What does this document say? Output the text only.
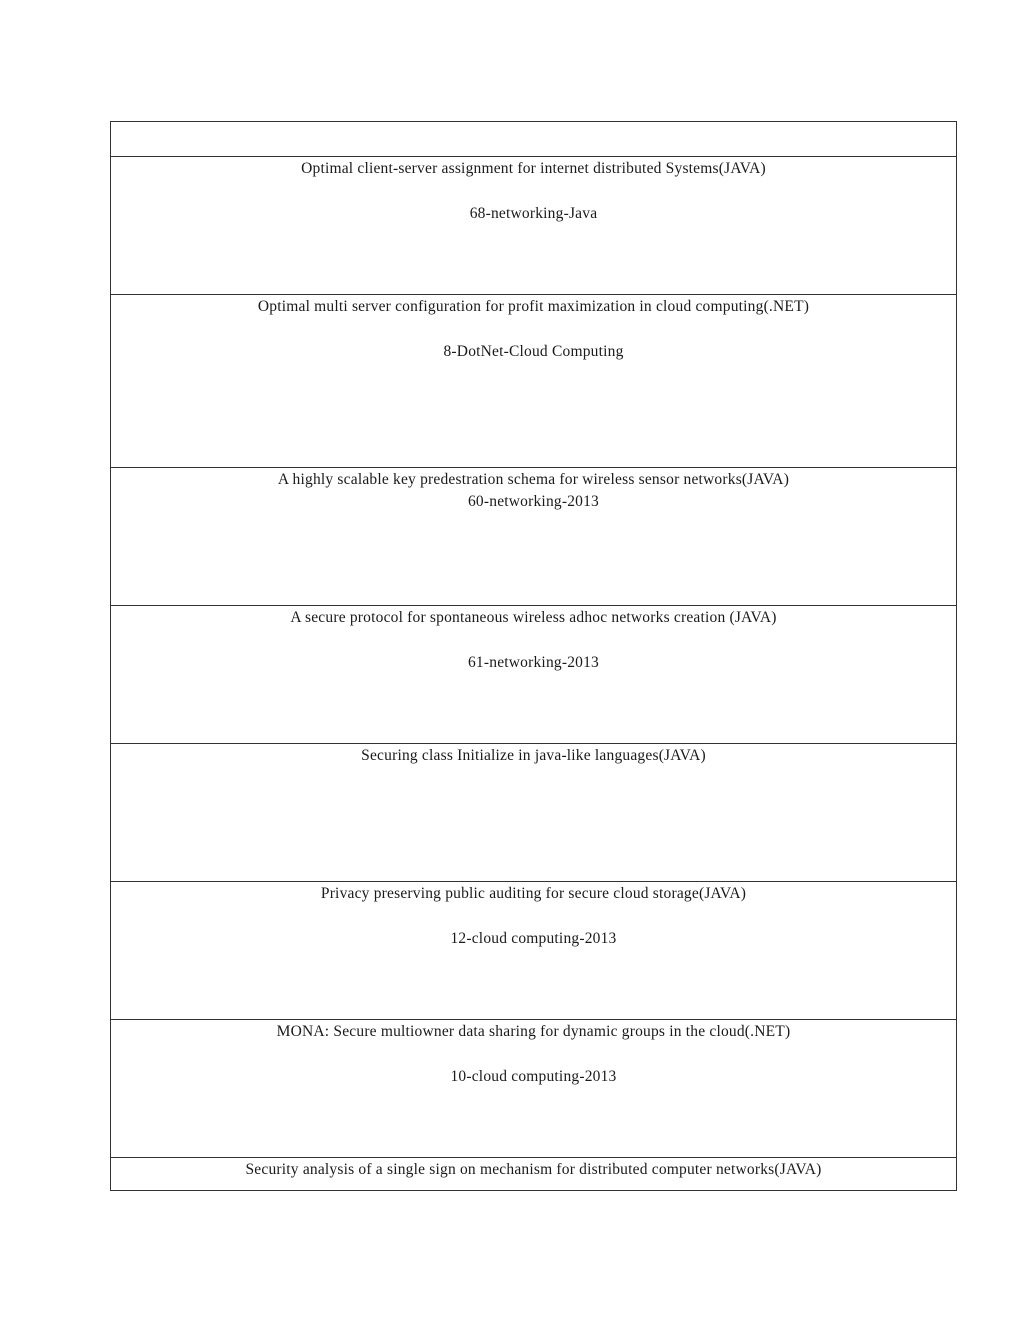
Optimal client-server assignment for internet distributed Systems(JAVA)
68-networking-Java
Optimal multi server configuration for profit maximization in cloud computing(.NET)
8-DotNet-Cloud Computing
A highly scalable key predestration schema for wireless sensor networks(JAVA)
60-networking-2013
A secure protocol for spontaneous wireless adhoc networks creation (JAVA)
61-networking-2013
Securing class Initialize in java-like languages(JAVA)
Privacy preserving public auditing for secure cloud storage(JAVA)
12-cloud computing-2013
MONA: Secure multiowner data sharing for dynamic groups in the cloud(.NET)
10-cloud computing-2013
Security analysis of a single sign on mechanism for distributed computer networks(JAVA)
